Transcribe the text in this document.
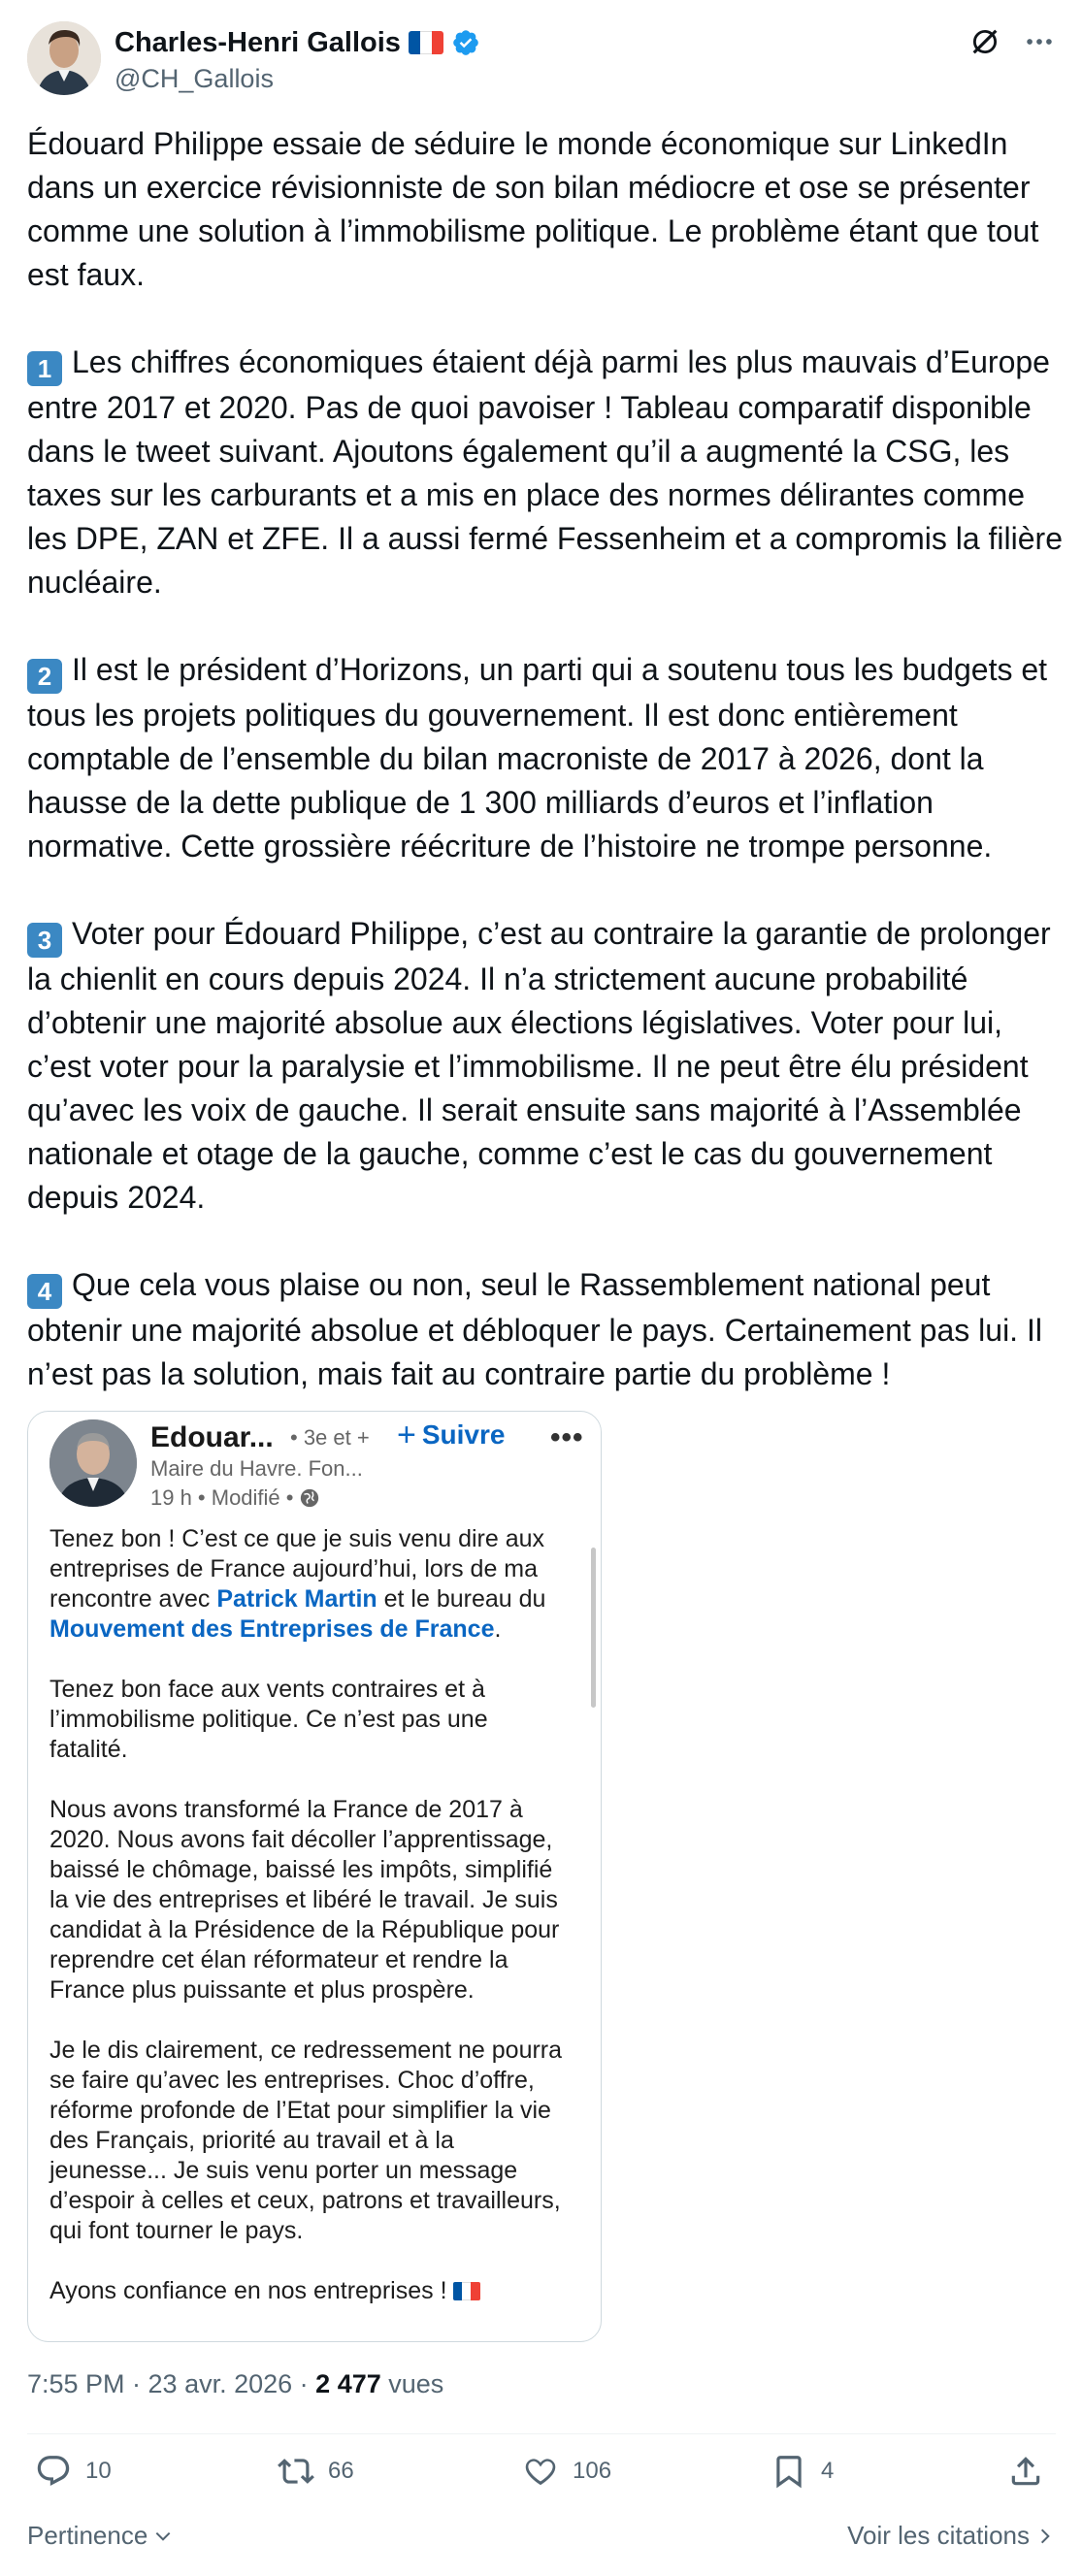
Charles-Henri Gallois
@CH_Gallois

Édouard Philippe essaie de séduire le monde économique sur LinkedIn dans un exercice révisionniste de son bilan médiocre et ose se présenter comme une solution à l’immobilisme politique. Le problème étant que tout est faux.

1 Les chiffres économiques étaient déjà parmi les plus mauvais d’Europe entre 2017 et 2020. Pas de quoi pavoiser ! Tableau comparatif disponible dans le tweet suivant. Ajoutons également qu’il a augmenté la CSG, les taxes sur les carburants et a mis en place des normes délirantes comme les DPE, ZAN et ZFE. Il a aussi fermé Fessenheim et a compromis la filière nucléaire.

2 Il est le président d’Horizons, un parti qui a soutenu tous les budgets et tous les projets politiques du gouvernement. Il est donc entièrement comptable de l’ensemble du bilan macroniste de 2017 à 2026, dont la hausse de la dette publique de 1 300 milliards d’euros et l’inflation normative. Cette grossière réécriture de l’histoire ne trompe personne.

3 Voter pour Édouard Philippe, c’est au contraire la garantie de prolonger la chienlit en cours depuis 2024. Il n’a strictement aucune probabilité d’obtenir une majorité absolue aux élections législatives. Voter pour lui, c’est voter pour la paralysie et l’immobilisme. Il ne peut être élu président qu’avec les voix de gauche. Il serait ensuite sans majorité à l’Assemblée nationale et otage de la gauche, comme c’est le cas du gouvernement depuis 2024.

4 Que cela vous plaise ou non, seul le Rassemblement national peut obtenir une majorité absolue et débloquer le pays. Certainement pas lui. Il n’est pas la solution, mais fait au contraire partie du problème !

Edouar... • 3e et + + Suivre •••
Maire du Havre. Fon...
19 h • Modifié •

Tenez bon ! C’est ce que je suis venu dire aux entreprises de France aujourd’hui, lors de ma rencontre avec Patrick Martin et le bureau du Mouvement des Entreprises de France.

Tenez bon face aux vents contraires et à l’immobilisme politique. Ce n’est pas une fatalité.

Nous avons transformé la France de 2017 à 2020. Nous avons fait décoller l’apprentissage, baissé le chômage, baissé les impôts, simplifié la vie des entreprises et libéré le travail. Je suis candidat à la Présidence de la République pour reprendre cet élan réformateur et rendre la France plus puissante et plus prospère.

Je le dis clairement, ce redressement ne pourra se faire qu’avec les entreprises. Choc d’offre, réforme profonde de l’Etat pour simplifier la vie des Français, priorité au travail et à la jeunesse... Je suis venu porter un message d’espoir à celles et ceux, patrons et travailleurs, qui font tourner le pays.

Ayons confiance en nos entreprises !

7:55 PM · 23 avr. 2026 · 2 477 vues
10	66	106	4
Pertinence	Voir les citations
